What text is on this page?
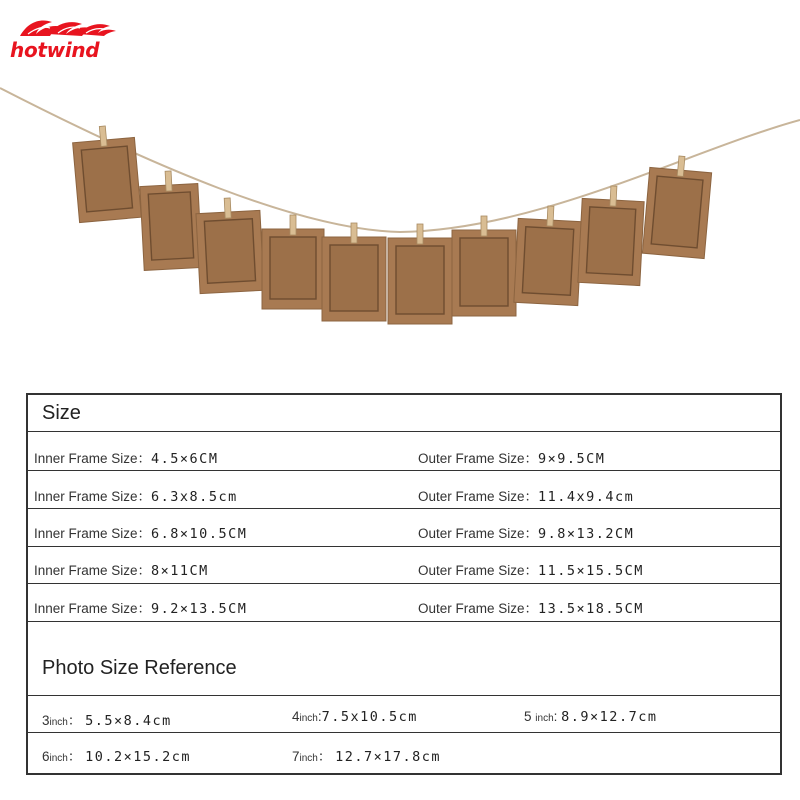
hotwind
Size
Inner Frame Size：4.5×6CM	Outer Frame Size：9×9.5CM
Inner Frame Size：6.3x8.5cm	Outer Frame Size：11.4x9.4cm
Inner Frame Size：6.8×10.5CM	Outer Frame Size：9.8×13.2CM
Inner Frame Size：8×11CM	Outer Frame Size：11.5×15.5CM
Inner Frame Size：9.2×13.5CM	Outer Frame Size：13.5×18.5CM
Photo Size Reference
3inch： 5.5×8.4cm	4inch:7.5x10.5cm	5 inch: 8.9×12.7cm
6inch： 10.2×15.2cm	7inch： 12.7×17.8cm
